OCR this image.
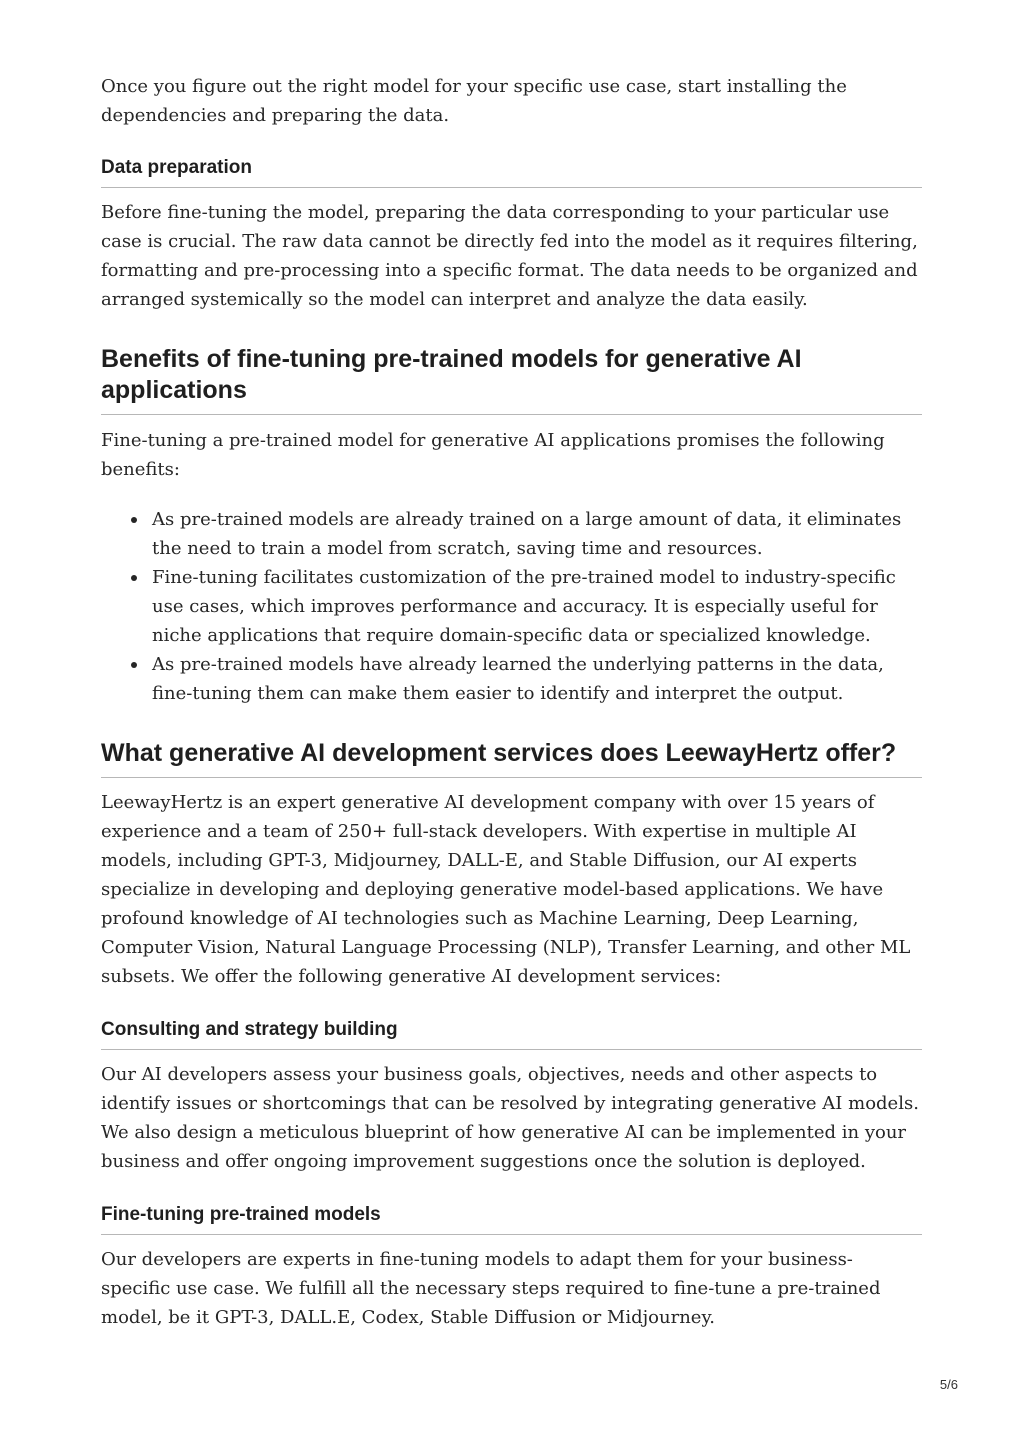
Once you figure out the right model for your specific use case, start installing the dependencies and preparing the data.

Data preparation

Before fine-tuning the model, preparing the data corresponding to your particular use case is crucial. The raw data cannot be directly fed into the model as it requires filtering, formatting and pre-processing into a specific format. The data needs to be organized and arranged systemically so the model can interpret and analyze the data easily.

Benefits of fine-tuning pre-trained models for generative AI applications

Fine-tuning a pre-trained model for generative AI applications promises the following benefits:

As pre-trained models are already trained on a large amount of data, it eliminates the need to train a model from scratch, saving time and resources.
Fine-tuning facilitates customization of the pre-trained model to industry-specific use cases, which improves performance and accuracy. It is especially useful for niche applications that require domain-specific data or specialized knowledge.
As pre-trained models have already learned the underlying patterns in the data, fine-tuning them can make them easier to identify and interpret the output.
What generative AI development services does LeewayHertz offer?

LeewayHertz is an expert generative AI development company with over 15 years of experience and a team of 250+ full-stack developers. With expertise in multiple AI models, including GPT-3, Midjourney, DALL-E, and Stable Diffusion, our AI experts specialize in developing and deploying generative model-based applications. We have profound knowledge of AI technologies such as Machine Learning, Deep Learning, Computer Vision, Natural Language Processing (NLP), Transfer Learning, and other ML subsets. We offer the following generative AI development services:

Consulting and strategy building

Our AI developers assess your business goals, objectives, needs and other aspects to identify issues or shortcomings that can be resolved by integrating generative AI models. We also design a meticulous blueprint of how generative AI can be implemented in your business and offer ongoing improvement suggestions once the solution is deployed.

Fine-tuning pre-trained models

Our developers are experts in fine-tuning models to adapt them for your business-specific use case. We fulfill all the necessary steps required to fine-tune a pre-trained model, be it GPT-3, DALL.E, Codex, Stable Diffusion or Midjourney.

5/6
